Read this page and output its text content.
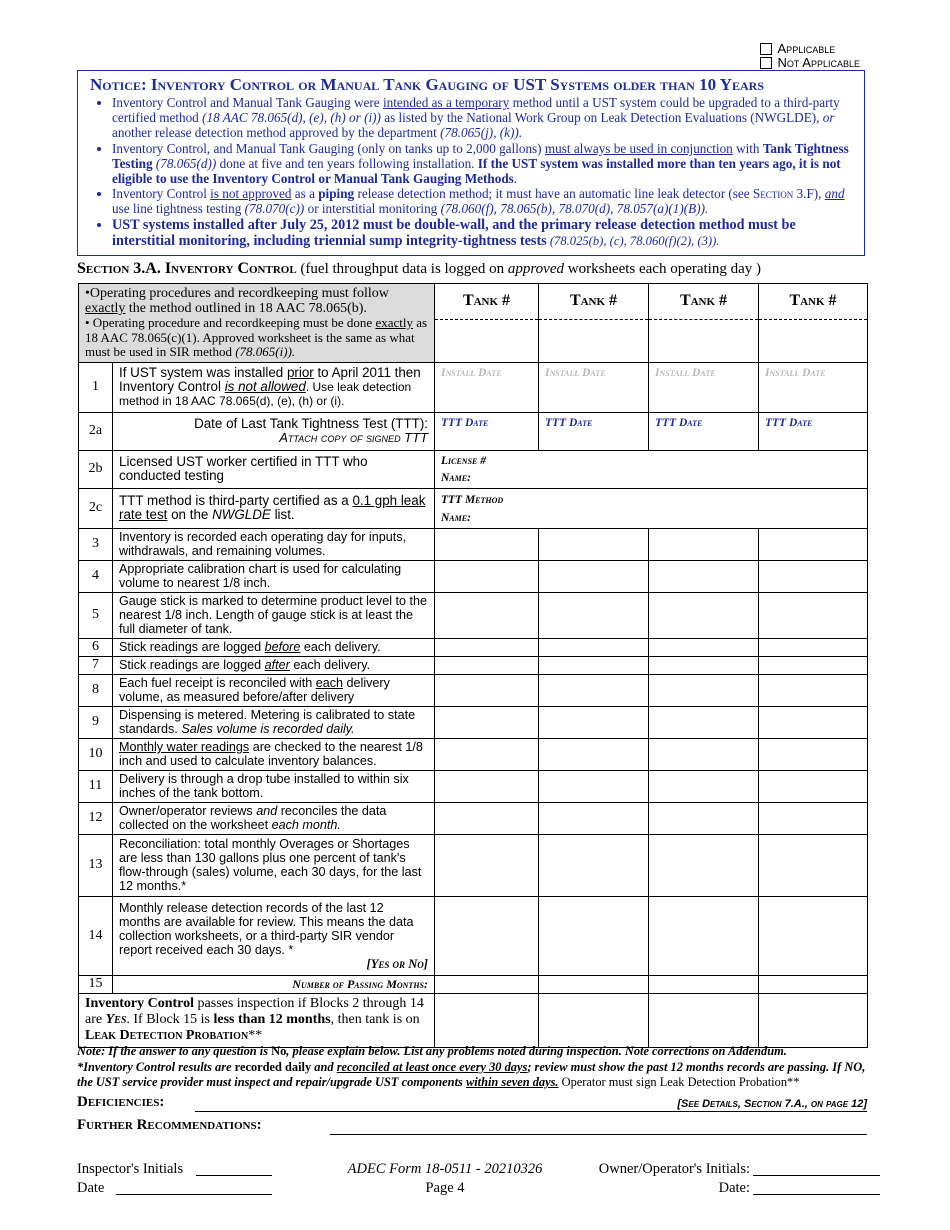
Applicable
Not Applicable
Notice: Inventory Control or Manual Tank Gauging of UST Systems older than 10 Years
• Inventory Control and Manual Tank Gauging were intended as a temporary method until a UST system could be upgraded to a third-party certified method (18 AAC 78.065(d), (e), (h) or (i)) as listed by the National Work Group on Leak Detection Evaluations (NWGLDE), or another release detection method approved by the department (78.065(j), (k)).
• Inventory Control, and Manual Tank Gauging (only on tanks up to 2,000 gallons) must always be used in conjunction with Tank Tightness Testing (78.065(d)) done at five and ten years following installation. If the UST system was installed more than ten years ago, it is not eligible to use the Inventory Control or Manual Tank Gauging Methods.
• Inventory Control is not approved as a piping release detection method; it must have an automatic line leak detector (see Section 3.F), and use line tightness testing (78.070(c)) or interstitial monitoring (78.060(f), 78.065(b), 78.070(d), 78.057(a)(1)(B)).
• UST systems installed after July 25, 2012 must be double-wall, and the primary release detection method must be interstitial monitoring, including triennial sump integrity-tightness tests (78.025(b), (c), 78.060(f)(2), (3)).
Section 3.A. Inventory Control (fuel throughput data is logged on approved worksheets each operating day )
•Operating procedures and recordkeeping must follow exactly the method outlined in 18 AAC 78.065(b).
• Operating procedure and recordkeeping must be done exactly as 18 AAC 78.065(c)(1). Approved worksheet is the same as what must be used in SIR method (78.065(i)).		Tank #	Tank #	Tank #	Tank #

1	If UST system was installed prior to April 2011 then Inventory Control is not allowed. Use leak detection method in 18 AAC 78.065(d), (e), (h) or (i).	Install Date	Install Date	Install Date	Install Date
2a	Date of Last Tank Tightness Test (TTT):
Attach copy of signed TTT	TTT Date	TTT Date	TTT Date	TTT Date
2b	Licensed UST worker certified in TTT who conducted testing	License #
Name:			

2c	TTT method is third-party certified as a 0.1 gph leak rate test on the NWGLDE list.	TTT Method
Name:			

3	Inventory is recorded each operating day for inputs, withdrawals, and remaining volumes.				
4	Appropriate calibration chart is used for calculating volume to nearest 1/8 inch.				
5	Gauge stick is marked to determine product level to the nearest 1/8 inch. Length of gauge stick is at least the full diameter of tank.				
6	Stick readings are logged before each delivery.				
7	Stick readings are logged after each delivery.				
8	Each fuel receipt is reconciled with each delivery volume, as measured before/after delivery				
9	Dispensing is metered. Metering is calibrated to state standards. Sales volume is recorded daily.				
10	Monthly water readings are checked to the nearest 1/8 inch and used to calculate inventory balances.				
11	Delivery is through a drop tube installed to within six inches of the tank bottom.				
12	Owner/operator reviews and reconciles the data collected on the worksheet each month.				
13	Reconciliation: total monthly Overages or Shortages are less than 130 gallons plus one percent of tank's flow-through (sales) volume, each 30 days, for the last 12 months.*				
14	Monthly release detection records of the last 12 months are available for review. This means the data collection worksheets, or a third-party SIR vendor report received each 30 days. *
[Yes or No]				

15	Number of Passing Months:				
Inventory Control passes inspection if Blocks 2 through 14 are Yes. If Block 15 is less than 12 months, then tank is on Leak Detection Probation**					
Note: If the answer to any question is No, please explain below. List any problems noted during inspection. Note corrections on Addendum.
*Inventory Control results are recorded daily and reconciled at least once every 30 days; review must show the past 12 months records are passing. If NO, the UST service provider must inspect and repair/upgrade UST components within seven days. Operator must sign Leak Detection Probation**
Deficiencies:	[See Details, Section 7.A., on page 12]
Further Recommendations:
Inspector's Initials
Date
ADEC Form 18-0511 - 20210326
Page 4
Owner/Operator's Initials:
Date:
